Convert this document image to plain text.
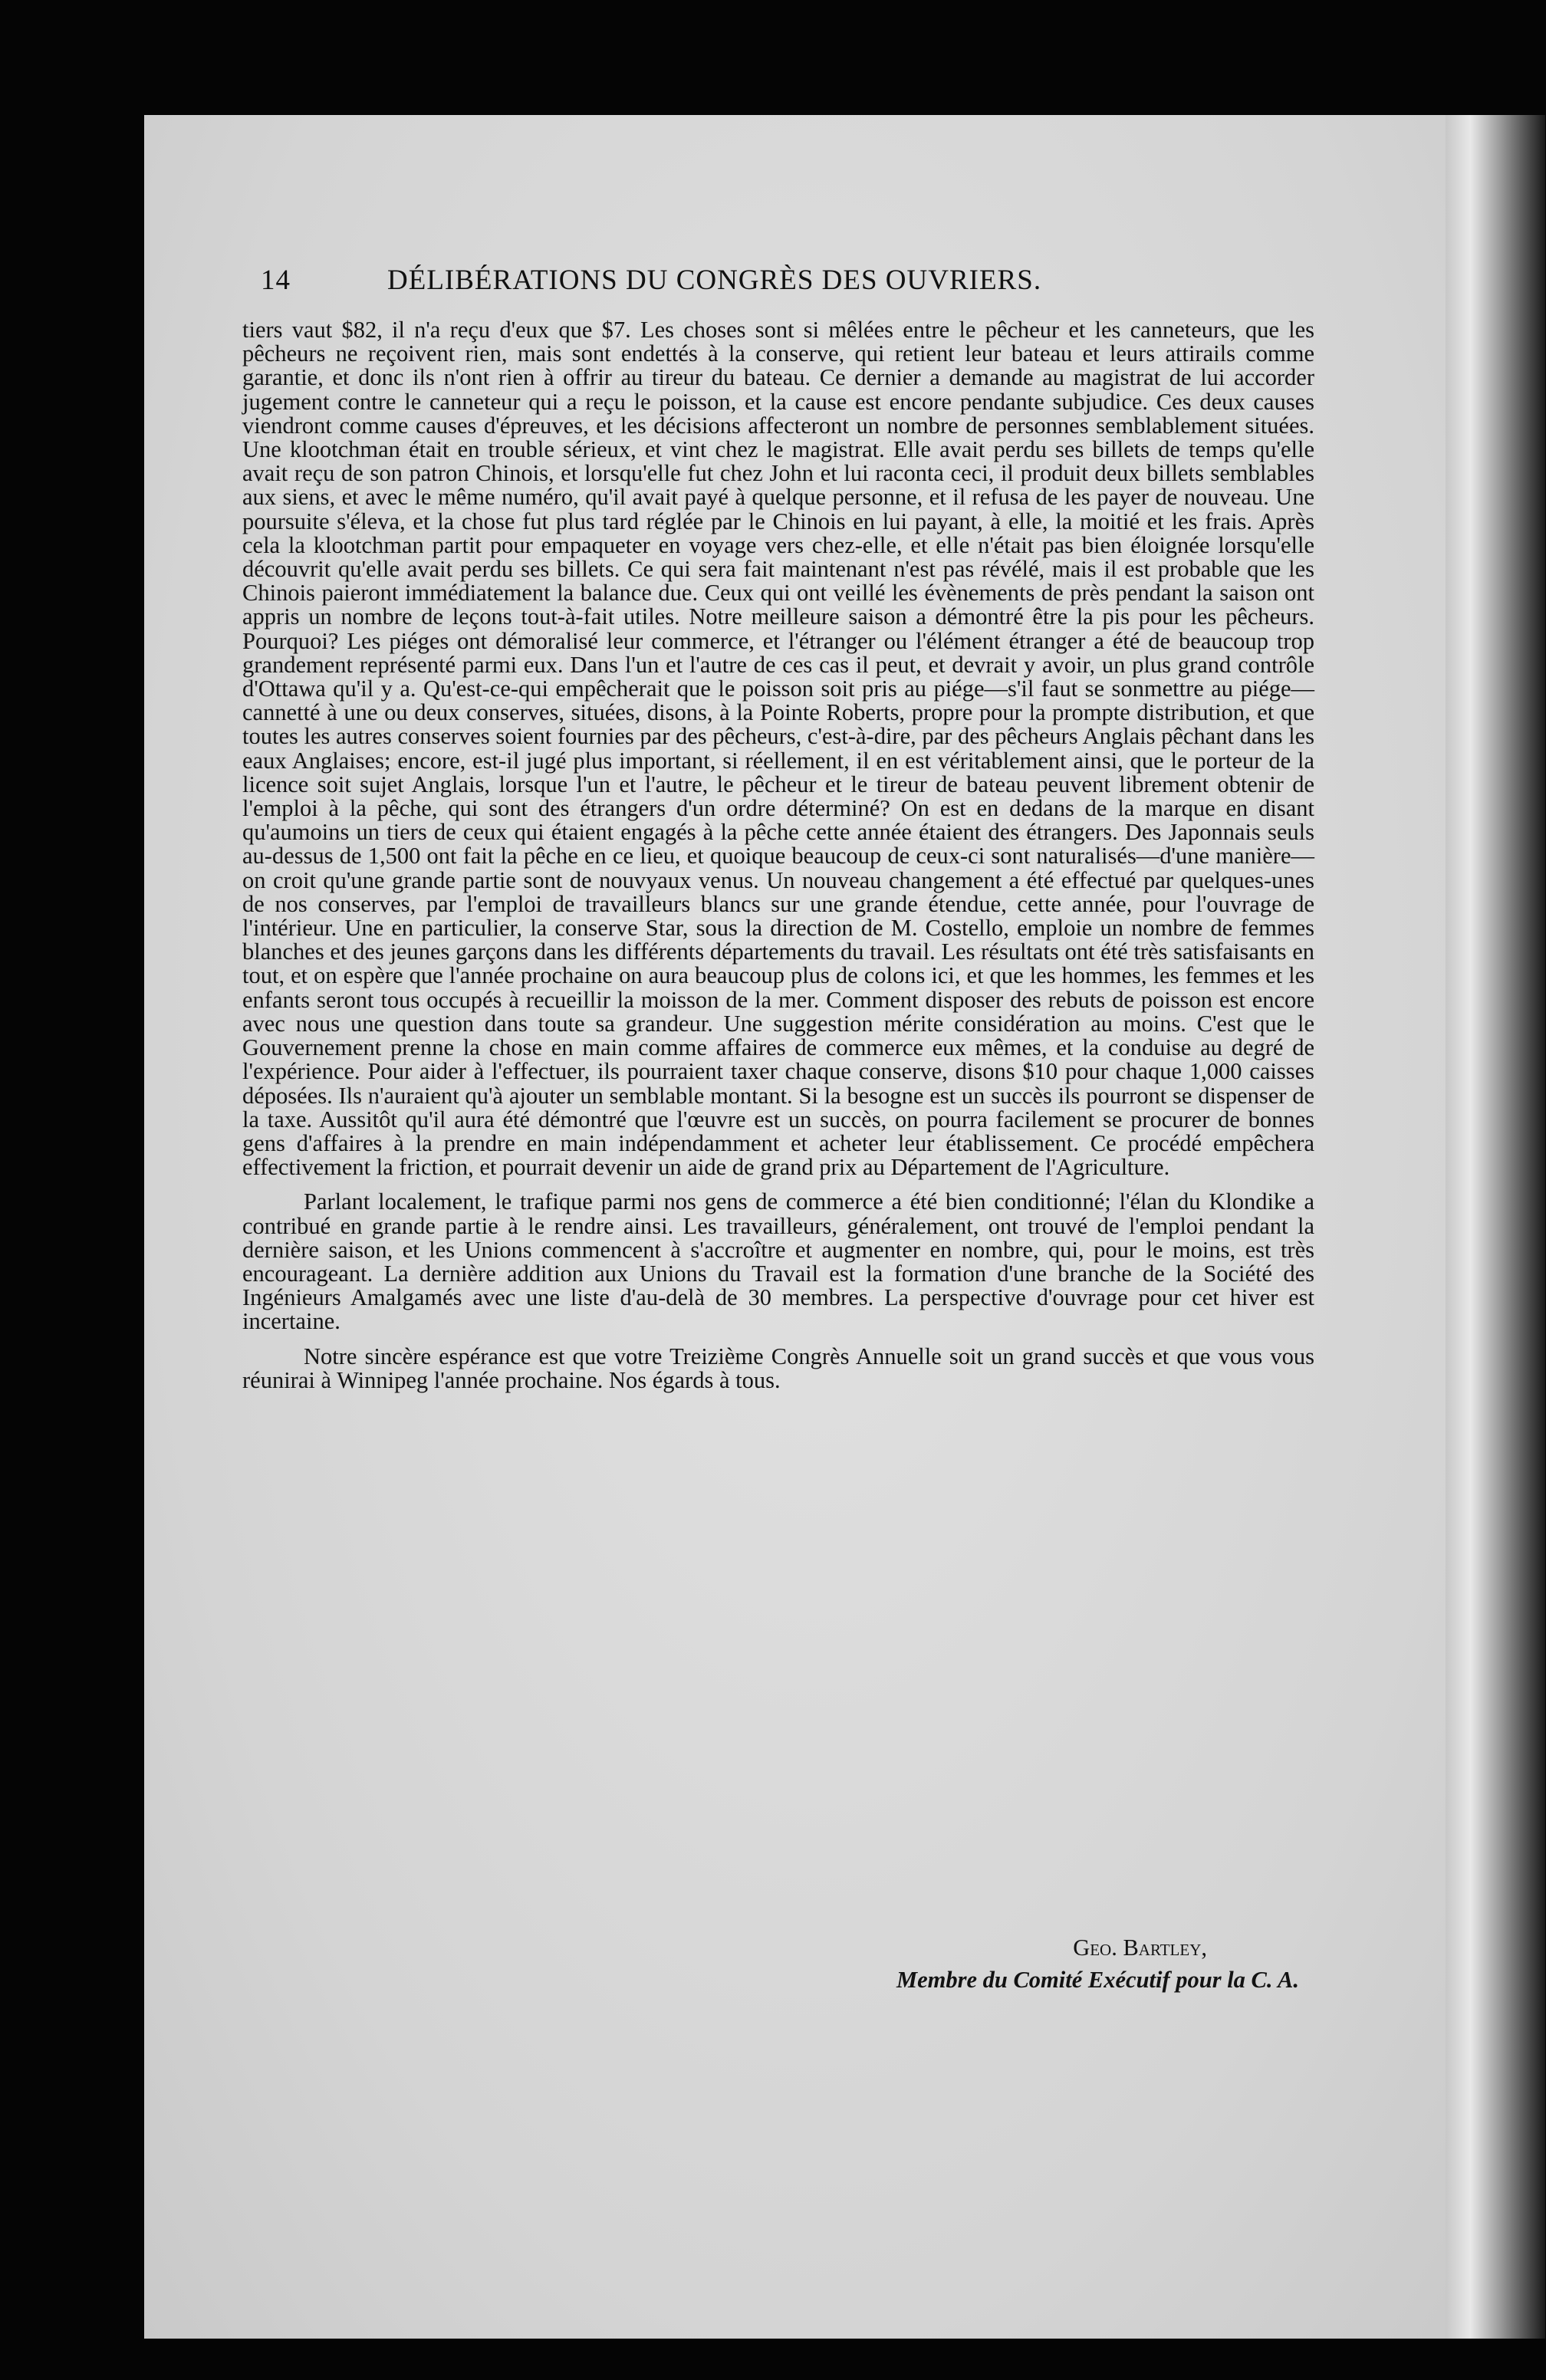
14	DÉLIBÉRATIONS DU CONGRÈS DES OUVRIERS.

tiers vaut $82, il n'a reçu d'eux que $7. Les choses sont si mêlées entre le pêcheur et les canneteurs, que les pêcheurs ne reçoivent rien, mais sont endettés à la conserve, qui retient leur bateau et leurs attirails comme garantie, et donc ils n'ont rien à offrir au tireur du bateau. Ce dernier a demande au magistrat de lui accorder jugement contre le canneteur qui a reçu le poisson, et la cause est encore pendante subjudice. Ces deux causes viendront comme causes d'épreuves, et les décisions affecteront un nombre de personnes semblablement situées. Une klootchman était en trouble sérieux, et vint chez le magistrat. Elle avait perdu ses billets de temps qu'elle avait reçu de son patron Chinois, et lorsqu'elle fut chez John et lui raconta ceci, il produit deux billets semblables aux siens, et avec le même numéro, qu'il avait payé à quelque personne, et il refusa de les payer de nouveau. Une poursuite s'éleva, et la chose fut plus tard réglée par le Chinois en lui payant, à elle, la moitié et les frais. Après cela la klootchman partit pour empaqueter en voyage vers chez-elle, et elle n'était pas bien éloignée lorsqu'elle découvrit qu'elle avait perdu ses billets. Ce qui sera fait maintenant n'est pas révélé, mais il est probable que les Chinois paieront immédiatement la balance due. Ceux qui ont veillé les évènements de près pendant la saison ont appris un nombre de leçons tout-à-fait utiles. Notre meilleure saison a démontré être la pis pour les pêcheurs. Pourquoi? Les piéges ont démoralisé leur commerce, et l'étranger ou l'élément étranger a été de beaucoup trop grandement représenté parmi eux. Dans l'un et l'autre de ces cas il peut, et devrait y avoir, un plus grand contrôle d'Ottawa qu'il y a. Qu'est-ce-qui empêcherait que le poisson soit pris au piége—s'il faut se sonmettre au piége—cannetté à une ou deux conserves, situées, disons, à la Pointe Roberts, propre pour la prompte distribution, et que toutes les autres conserves soient fournies par des pêcheurs, c'est-à-dire, par des pêcheurs Anglais pêchant dans les eaux Anglaises; encore, est-il jugé plus important, si réellement, il en est véritablement ainsi, que le porteur de la licence soit sujet Anglais, lorsque l'un et l'autre, le pêcheur et le tireur de bateau peuvent librement obtenir de l'emploi à la pêche, qui sont des étrangers d'un ordre déterminé? On est en dedans de la marque en disant qu'aumoins un tiers de ceux qui étaient engagés à la pêche cette année étaient des étrangers. Des Japonnais seuls au-dessus de 1,500 ont fait la pêche en ce lieu, et quoique beaucoup de ceux-ci sont naturalisés—d'une manière—on croit qu'une grande partie sont de nouvyaux venus. Un nouveau changement a été effectué par quelques-unes de nos conserves, par l'emploi de travailleurs blancs sur une grande étendue, cette année, pour l'ouvrage de l'intérieur. Une en particulier, la conserve Star, sous la direction de M. Costello, emploie un nombre de femmes blanches et des jeunes garçons dans les différents départements du travail. Les résultats ont été très satisfaisants en tout, et on espère que l'année prochaine on aura beaucoup plus de colons ici, et que les hommes, les femmes et les enfants seront tous occupés à recueillir la moisson de la mer. Comment disposer des rebuts de poisson est encore avec nous une question dans toute sa grandeur. Une suggestion mérite considération au moins. C'est que le Gouvernement prenne la chose en main comme affaires de commerce eux mêmes, et la conduise au degré de l'expérience. Pour aider à l'effectuer, ils pourraient taxer chaque conserve, disons $10 pour chaque 1,000 caisses déposées. Ils n'auraient qu'à ajouter un semblable montant. Si la besogne est un succès ils pourront se dispenser de la taxe. Aussitôt qu'il aura été démontré que l'œuvre est un succès, on pourra facilement se procurer de bonnes gens d'affaires à la prendre en main indépendamment et acheter leur établissement. Ce procédé empêchera effectivement la friction, et pourrait devenir un aide de grand prix au Département de l'Agriculture.

Parlant localement, le trafique parmi nos gens de commerce a été bien conditionné; l'élan du Klondike a contribué en grande partie à le rendre ainsi. Les travailleurs, généralement, ont trouvé de l'emploi pendant la dernière saison, et les Unions commencent à s'accroître et augmenter en nombre, qui, pour le moins, est très encourageant. La dernière addition aux Unions du Travail est la formation d'une branche de la Société des Ingénieurs Amalgamés avec une liste d'au-delà de 30 membres. La perspective d'ouvrage pour cet hiver est incertaine.

Notre sincère espérance est que votre Treizième Congrès Annuelle soit un grand succès et que vous vous réunirai à Winnipeg l'année prochaine. Nos égards à tous.

Geo. Bartley,
Membre du Comité Exécutif pour la C. A.
